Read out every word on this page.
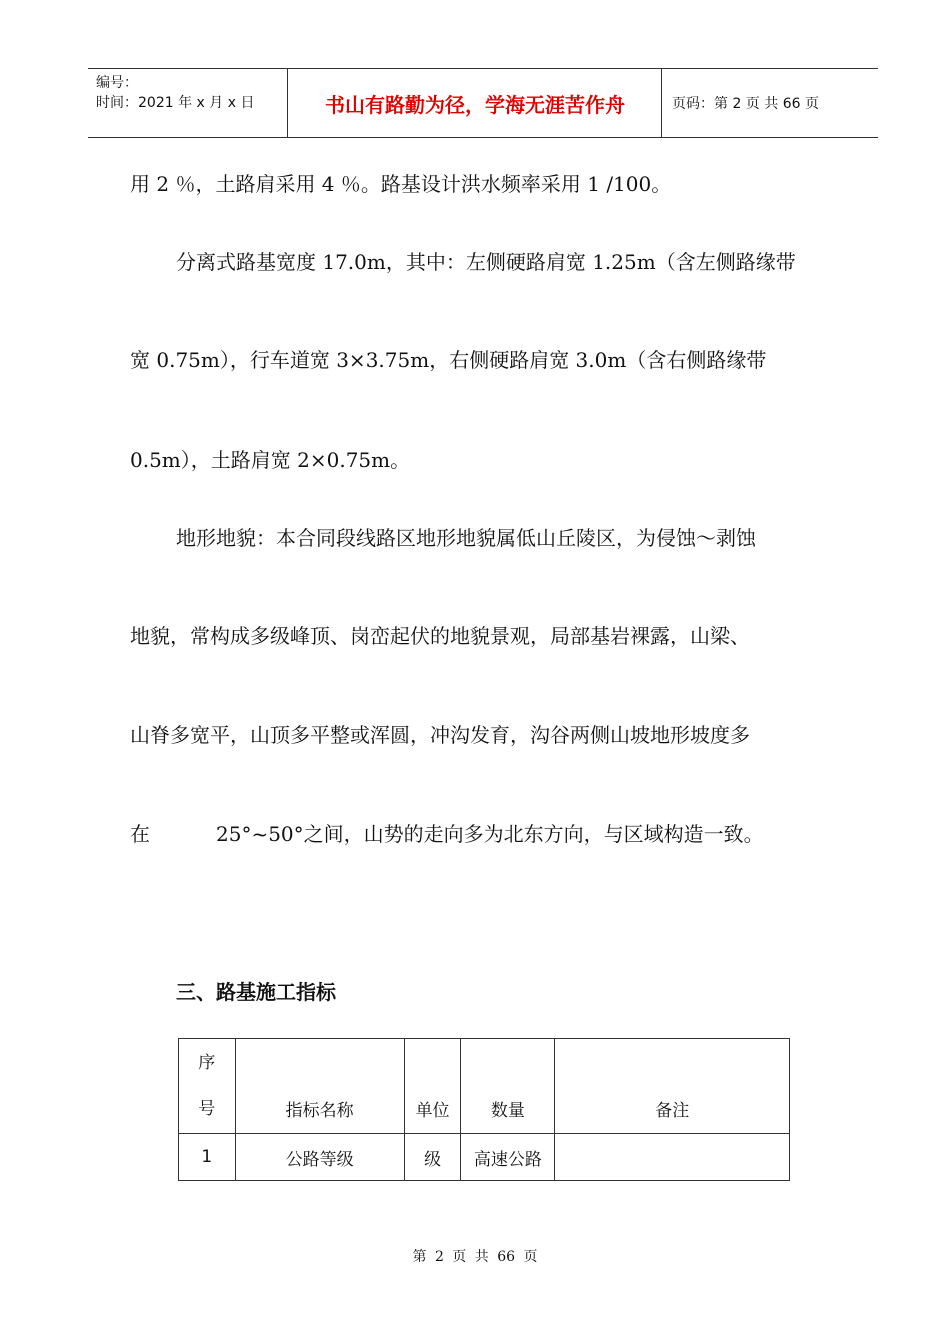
编号：
时间：2021 年 x 月 x 日	书山有路勤为径，学海无涯苦作舟	页码：第 2 页 共 66 页
用 2 ％，土路肩采用 4 ％。路基设计洪水频率采用 1 /100。
分离式路基宽度 17.0m，其中：左侧硬路肩宽 1.25m（含左侧路缘带
宽 0.75m），行车道宽 3×3.75m，右侧硬路肩宽 3.0m（含右侧路缘带
0.5m），土路肩宽 2×0.75m。
地形地貌：本合同段线路区地形地貌属低山丘陵区，为侵蚀～剥蚀
地貌，常构成多级峰顶、岗峦起伏的地貌景观，局部基岩裸露，山梁、
山脊多宽平，山顶多平整或浑圆，冲沟发育，沟谷两侧山坡地形坡度多
在	25°~50°之间，山势的走向多为北东方向，与区域构造一致。
三、路基施工指标
序
号	指标名称	单位	数量	备注

1	公路等级	级	高速公路	
第 2 页 共 66 页
